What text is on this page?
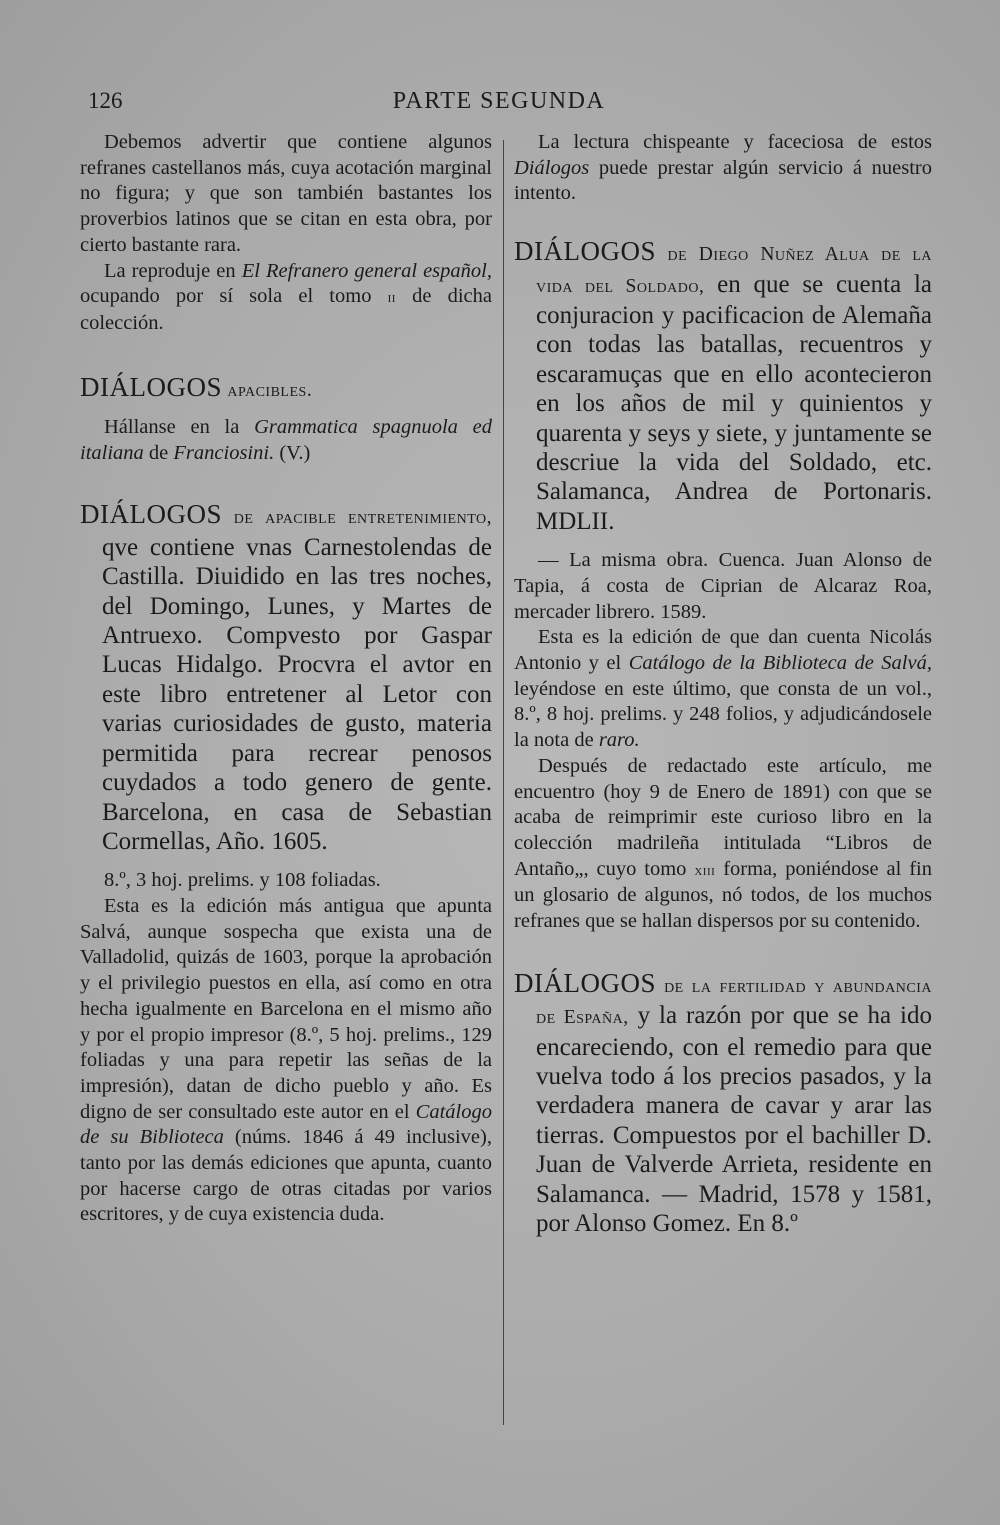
126	PARTE SEGUNDA

Debemos advertir que contiene algunos refranes castellanos más, cuya acotación marginal no figura; y que son también bastantes los proverbios latinos que se citan en esta obra, por cierto bastante rara.

La reproduje en El Refranero general español, ocupando por sí sola el tomo ii de dicha colección.

DIÁLOGOS apacibles.

Hállanse en la Grammatica spagnuola ed italiana de Franciosini. (V.)

DIÁLOGOS de apacible entretenimiento, qve contiene vnas Carnestolendas de Castilla. Diuidido en las tres noches, del Domingo, Lunes, y Martes de Antruexo. Compvesto por Gaspar Lucas Hidalgo. Procvra el avtor en este libro entretener al Letor con varias curiosidades de gusto, materia permitida para recrear penosos cuydados a todo genero de gente. Barcelona, en casa de Sebastian Cormellas, Año. 1605.

8.º, 3 hoj. prelims. y 108 foliadas.

Esta es la edición más antigua que apunta Salvá, aunque sospecha que exista una de Valladolid, quizás de 1603, porque la aprobación y el privilegio puestos en ella, así como en otra hecha igualmente en Barcelona en el mismo año y por el propio impresor (8.º, 5 hoj. prelims., 129 foliadas y una para repetir las señas de la impresión), datan de dicho pueblo y año. Es digno de ser consultado este autor en el Catálogo de su Biblioteca (núms. 1846 á 49 inclusive), tanto por las demás ediciones que apunta, cuanto por hacerse cargo de otras citadas por varios escritores, y de cuya existencia duda.

La lectura chispeante y faceciosa de estos Diálogos puede prestar algún servicio á nuestro intento.

DIÁLOGOS de Diego Nuñez Alua de la vida del Soldado, en que se cuenta la conjuracion y pacificacion de Alemaña con todas las batallas, recuentros y escaramuças que en ello acontecieron en los años de mil y quinientos y quarenta y seys y siete, y juntamente se descriue la vida del Soldado, etc. Salamanca, Andrea de Portonaris. MDLII.

— La misma obra. Cuenca. Juan Alonso de Tapia, á costa de Ciprian de Alcaraz Roa, mercader librero. 1589.

Esta es la edición de que dan cuenta Nicolás Antonio y el Catálogo de la Biblioteca de Salvá, leyéndose en este último, que consta de un vol., 8.º, 8 hoj. prelims. y 248 folios, y adjudicándosele la nota de raro.

Después de redactado este artículo, me encuentro (hoy 9 de Enero de 1891) con que se acaba de reimprimir este curioso libro en la colección madrileña intitulada “Libros de Antaño„, cuyo tomo xiii forma, poniéndose al fin un glosario de algunos, nó todos, de los muchos refranes que se hallan dispersos por su contenido.

DIÁLOGOS de la fertilidad y abundancia de España, y la razón por que se ha ido encareciendo, con el remedio para que vuelva todo á los precios pasados, y la verdadera manera de cavar y arar las tierras. Compuestos por el bachiller D. Juan de Valverde Arrieta, residente en Salamanca. — Madrid, 1578 y 1581, por Alonso Gomez. En 8.º
